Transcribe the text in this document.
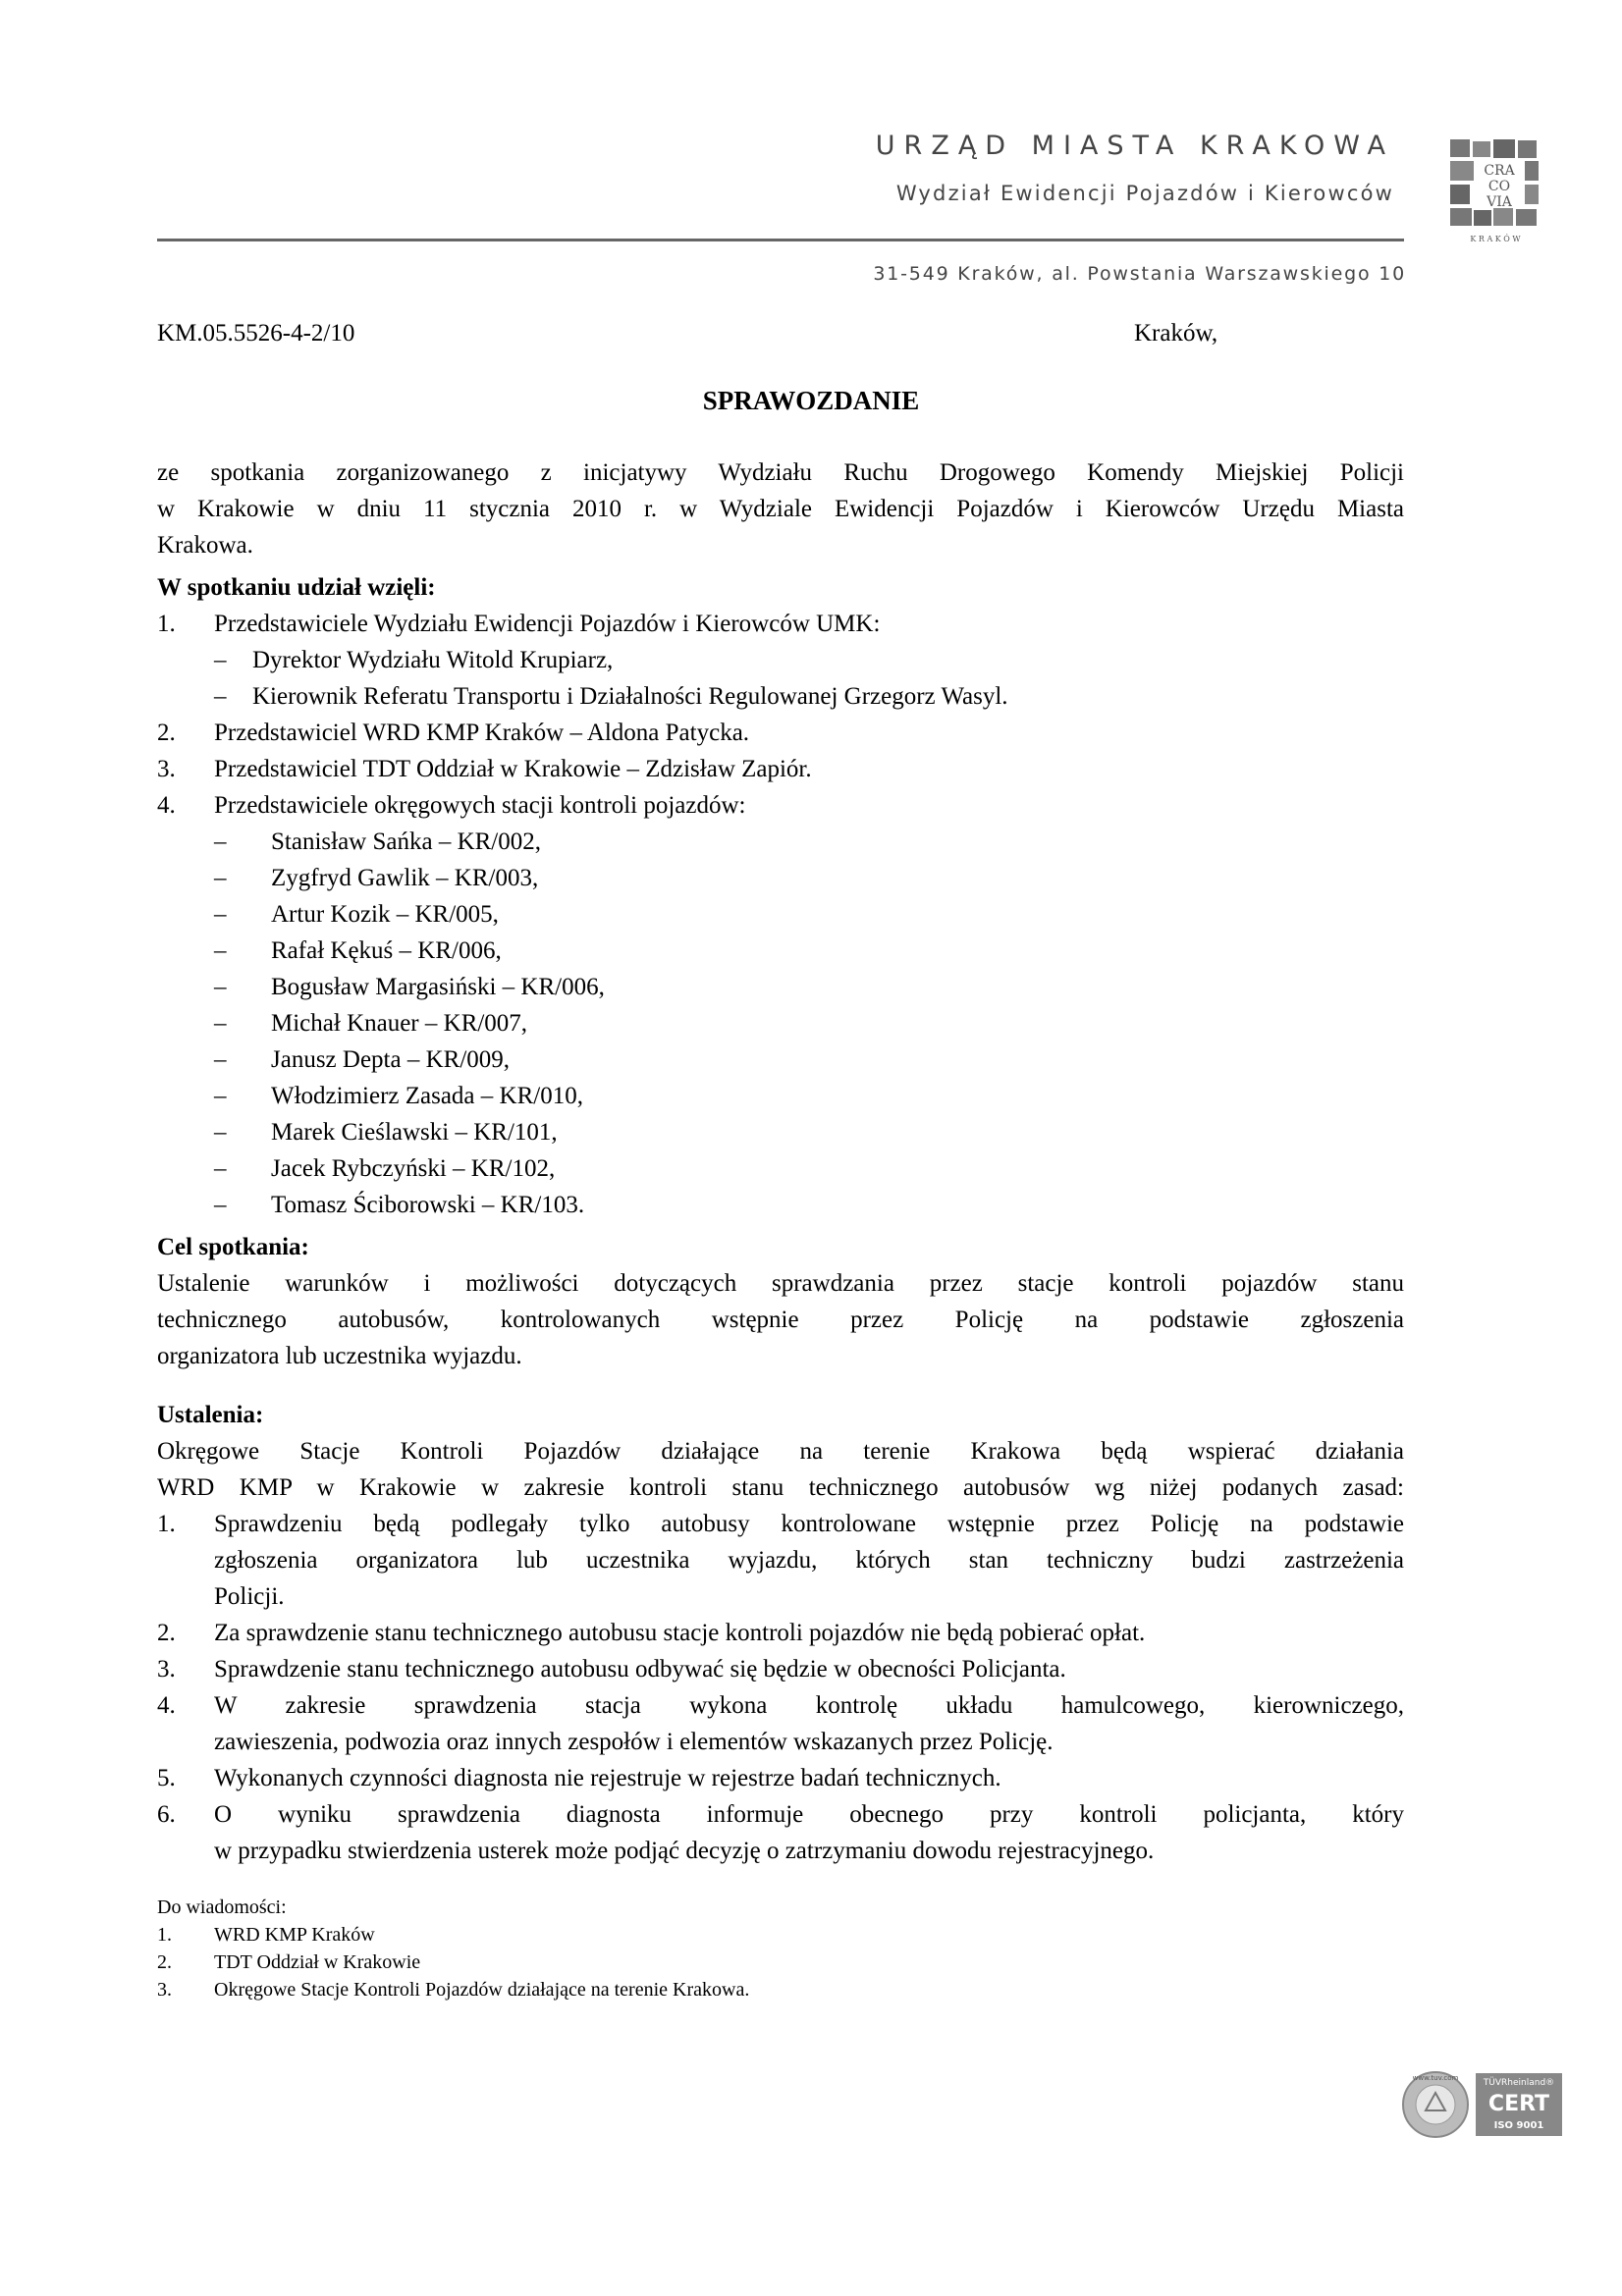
URZĄD MIASTA KRAKOWA
Wydział Ewidencji Pojazdów i Kierowców
31-549 Kraków, al. Powstania Warszawskiego 10
CRA
CO
VIA
K R A K Ó W
KM.05.5526-4-2/10	Kraków,
SPRAWOZDANIE
ze spotkania zorganizowanego z inicjatywy Wydziału Ruchu Drogowego Komendy Miejskiej Policji
w Krakowie w dniu 11 stycznia 2010 r. w Wydziale Ewidencji Pojazdów i Kierowców Urzędu Miasta
Krakowa.
W spotkaniu udział wzięli:
1.	Przedstawiciele Wydziału Ewidencji Pojazdów i Kierowców UMK:
–	Dyrektor Wydziału Witold Krupiarz,
–	Kierownik Referatu Transportu i Działalności Regulowanej Grzegorz Wasyl.
2.	Przedstawiciel WRD KMP Kraków – Aldona Patycka.
3.	Przedstawiciel TDT Oddział w Krakowie – Zdzisław Zapiór.
4.	Przedstawiciele okręgowych stacji kontroli pojazdów:
–	Stanisław Sańka – KR/002,
–	Zygfryd Gawlik – KR/003,
–	Artur Kozik – KR/005,
–	Rafał Kękuś – KR/006,
–	Bogusław Margasiński – KR/006,
–	Michał Knauer – KR/007,
–	Janusz Depta – KR/009,
–	Włodzimierz Zasada – KR/010,
–	Marek Cieślawski – KR/101,
–	Jacek Rybczyński – KR/102,
–	Tomasz Ściborowski – KR/103.
Cel spotkania:
Ustalenie warunków i możliwości dotyczących sprawdzania przez stacje kontroli pojazdów stanu
technicznego autobusów, kontrolowanych wstępnie przez Policję na podstawie zgłoszenia
organizatora lub uczestnika wyjazdu.
Ustalenia:
Okręgowe Stacje Kontroli Pojazdów działające na terenie Krakowa będą wspierać działania
WRD KMP w Krakowie w zakresie kontroli stanu technicznego autobusów wg niżej podanych zasad:
1.	Sprawdzeniu będą podlegały tylko autobusy kontrolowane wstępnie przez Policję na podstawie
zgłoszenia organizatora lub uczestnika wyjazdu, których stan techniczny budzi zastrzeżenia
Policji.
2.	Za sprawdzenie stanu technicznego autobusu stacje kontroli pojazdów nie będą pobierać opłat.
3.	Sprawdzenie stanu technicznego autobusu odbywać się będzie w obecności Policjanta.
4.	W zakresie sprawdzenia stacja wykona kontrolę układu hamulcowego, kierowniczego,
zawieszenia, podwozia oraz innych zespołów i elementów wskazanych przez Policję.
5.	Wykonanych czynności diagnosta nie rejestruje w rejestrze badań technicznych.
6.	O wyniku sprawdzenia diagnosta informuje obecnego przy kontroli policjanta, który
w przypadku stwierdzenia usterek może podjąć decyzję o zatrzymaniu dowodu rejestracyjnego.
Do wiadomości:
1.	WRD KMP Kraków
2.	TDT Oddział w Krakowie
3.	Okręgowe Stacje Kontroli Pojazdów działające na terenie Krakowa.
www.tuv.com	TÜVRheinland®
CERT
ISO 9001
